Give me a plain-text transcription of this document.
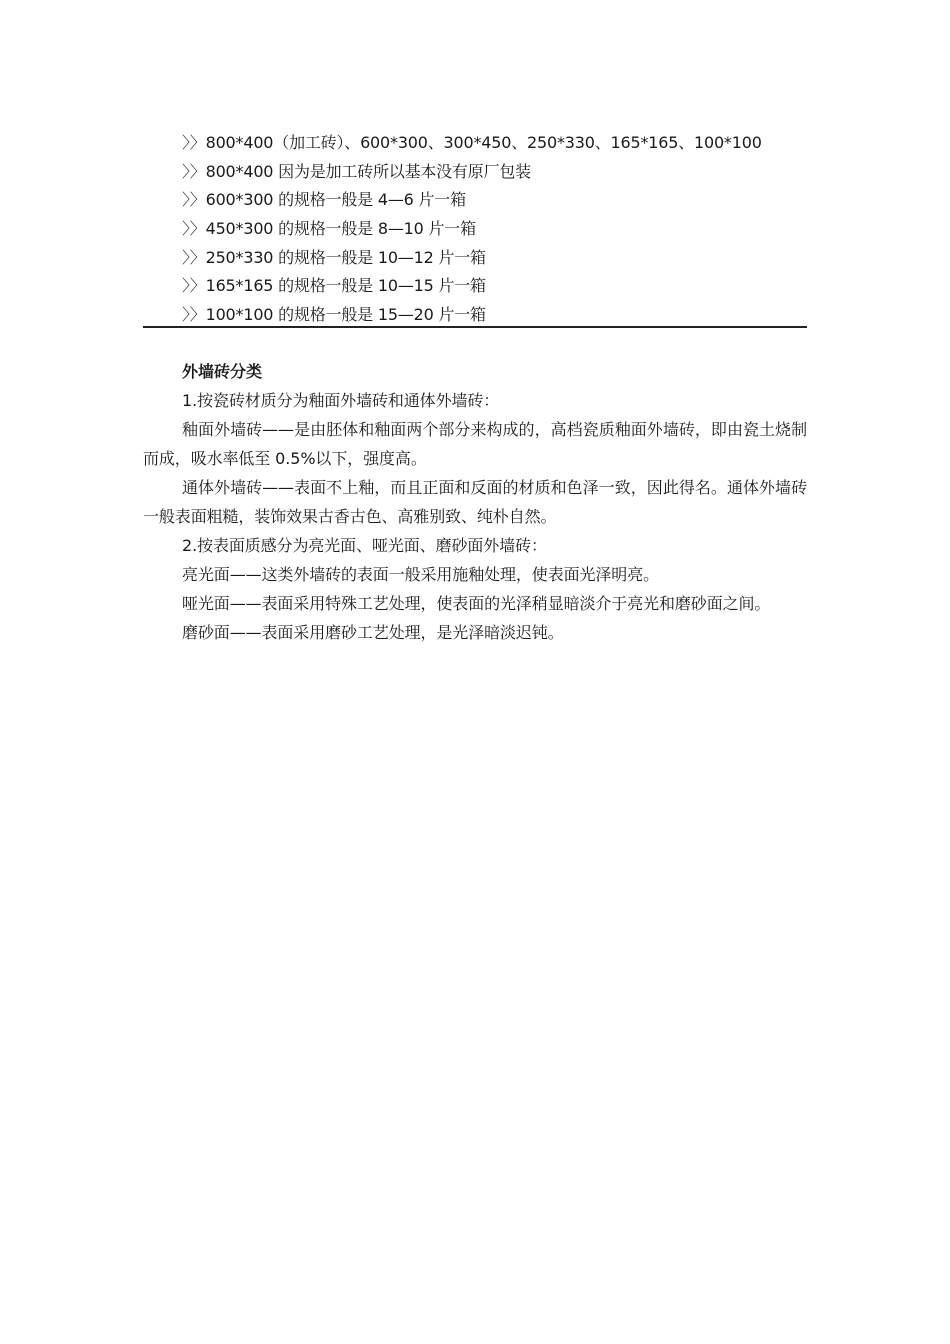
〉〉800*400（加工砖）、600*300、300*450、250*330、165*165、100*100
〉〉800*400 因为是加工砖所以基本没有原厂包装
〉〉600*300 的规格一般是 4—6 片一箱
〉〉450*300 的规格一般是 8—10 片一箱
〉〉250*330 的规格一般是 10—12 片一箱
〉〉165*165 的规格一般是 10—15 片一箱
〉〉100*100 的规格一般是 15—20 片一箱
外墙砖分类

1.按瓷砖材质分为釉面外墙砖和通体外墙砖：

釉面外墙砖——是由胚体和釉面两个部分来构成的，高档瓷质釉面外墙砖，即由瓷土烧制而成，吸水率低至 0.5%以下，强度高。

通体外墙砖——表面不上釉，而且正面和反面的材质和色泽一致，因此得名。通体外墙砖一般表面粗糙，装饰效果古香古色、高雅别致、纯朴自然。

2.按表面质感分为亮光面、哑光面、磨砂面外墙砖：

亮光面——这类外墙砖的表面一般采用施釉处理，使表面光泽明亮。

哑光面——表面采用特殊工艺处理，使表面的光泽稍显暗淡介于亮光和磨砂面之间。

磨砂面——表面采用磨砂工艺处理，是光泽暗淡迟钝。
